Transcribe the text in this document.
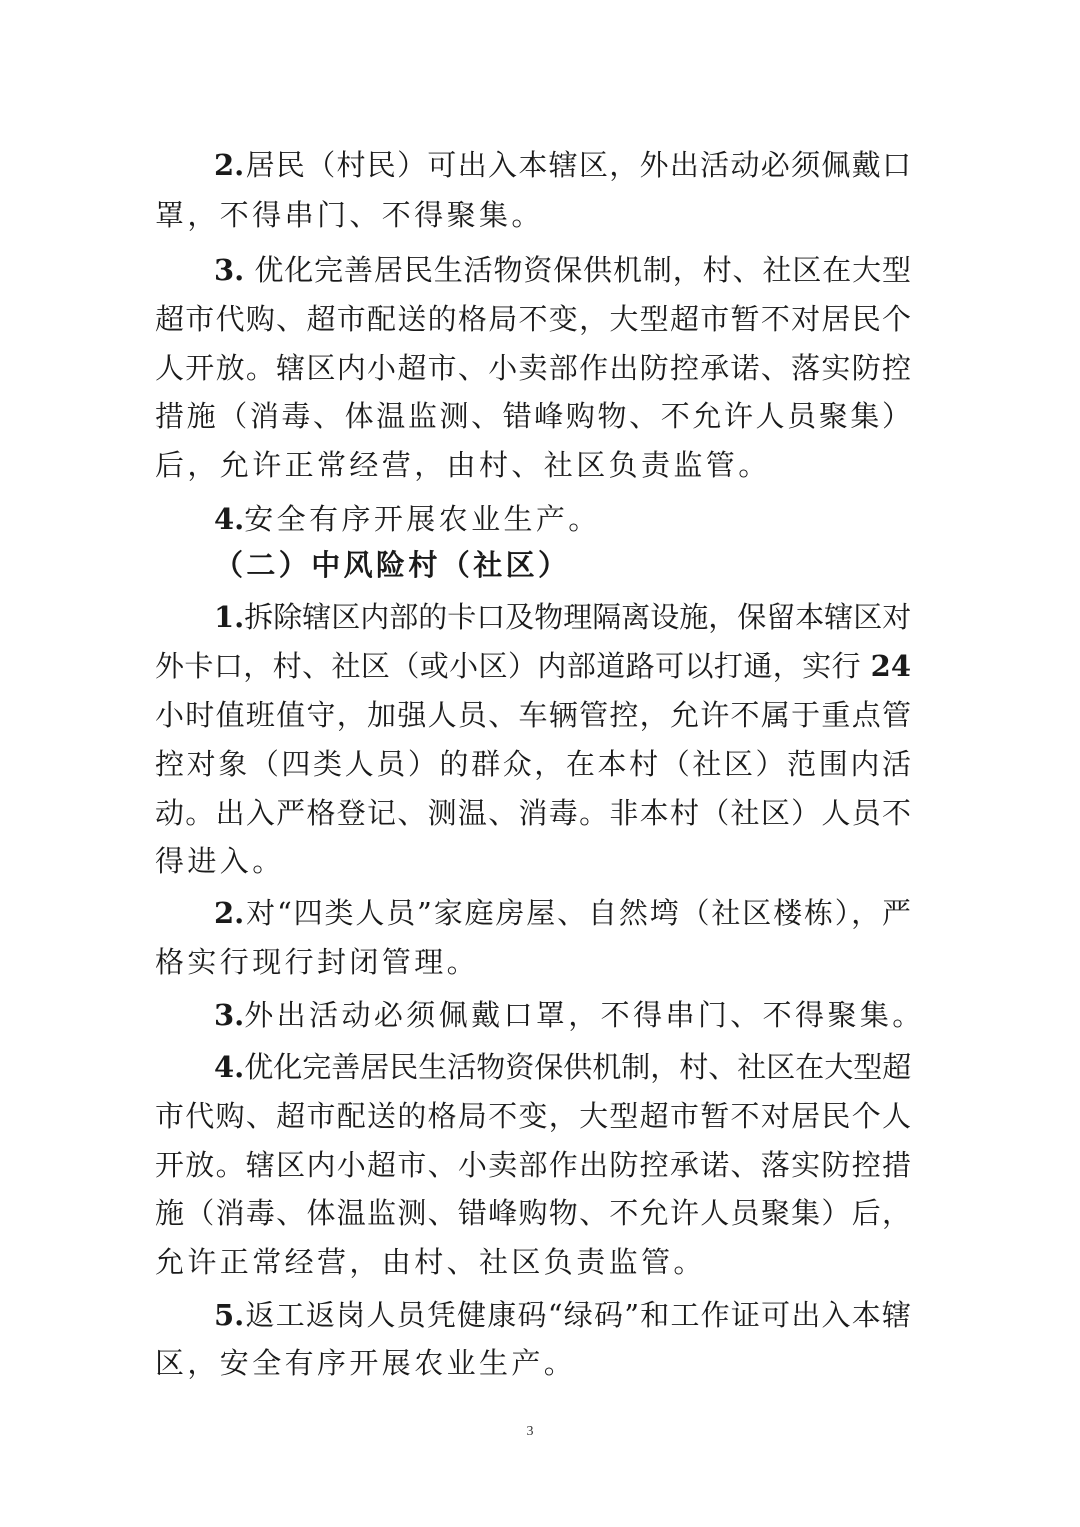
2.居民（村民）可出入本辖区，外出活动必须佩戴口

罩，不得串门、不得聚集。

3. 优化完善居民生活物资保供机制，村、社区在大型

超市代购、超市配送的格局不变，大型超市暂不对居民个

人开放。辖区内小超市、小卖部作出防控承诺、落实防控

措施（消毒、体温监测、错峰购物、不允许人员聚集）

后，允许正常经营，由村、社区负责监管。

4.安全有序开展农业生产。

（二）中风险村（社区）

1.拆除辖区内部的卡口及物理隔离设施，保留本辖区对

外卡口，村、社区（或小区）内部道路可以打通，实行 24

小时值班值守，加强人员、车辆管控，允许不属于重点管

控对象（四类人员）的群众，在本村（社区）范围内活

动。出入严格登记、测温、消毒。非本村（社区）人员不

得进入。

2.对“四类人员”家庭房屋、自然塆（社区楼栋），严

格实行现行封闭管理。

3.外出活动必须佩戴口罩，不得串门、不得聚集。

4.优化完善居民生活物资保供机制，村、社区在大型超

市代购、超市配送的格局不变，大型超市暂不对居民个人

开放。辖区内小超市、小卖部作出防控承诺、落实防控措

施（消毒、体温监测、错峰购物、不允许人员聚集）后，

允许正常经营，由村、社区负责监管。

5.返工返岗人员凭健康码“绿码”和工作证可出入本辖

区，安全有序开展农业生产。

3
